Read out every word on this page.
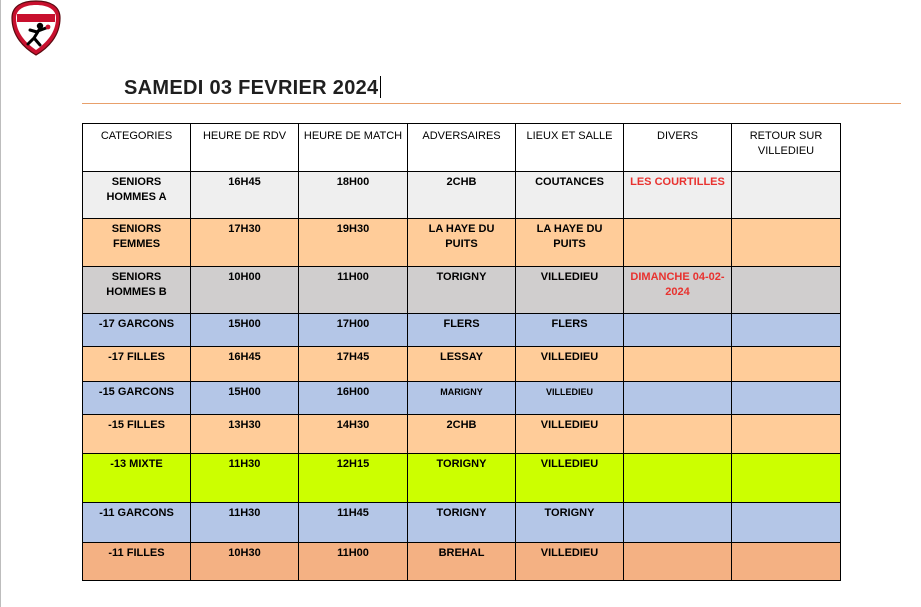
SAMEDI 03 FEVRIER 2024
CATEGORIES	HEURE DE RDV	HEURE DE MATCH	ADVERSAIRES	LIEUX ET SALLE	DIVERS	RETOUR SUR VILLEDIEU
SENIORS HOMMES A	16H45	18H00	2CHB	COUTANCES	LES COURTILLES	
SENIORS FEMMES	17H30	19H30	LA HAYE DU PUITS	LA HAYE DU PUITS		
SENIORS HOMMES B	10H00	11H00	TORIGNY	VILLEDIEU	DIMANCHE 04-02-2024	
-17 GARCONS	15H00	17H00	FLERS	FLERS		
-17 FILLES	16H45	17H45	LESSAY	VILLEDIEU		
-15 GARCONS	15H00	16H00	MARIGNY	VILLEDIEU		
-15 FILLES	13H30	14H30	2CHB	VILLEDIEU		
-13 MIXTE	11H30	12H15	TORIGNY	VILLEDIEU		
-11 GARCONS	11H30	11H45	TORIGNY	TORIGNY		
-11 FILLES	10H30	11H00	BREHAL	VILLEDIEU		
